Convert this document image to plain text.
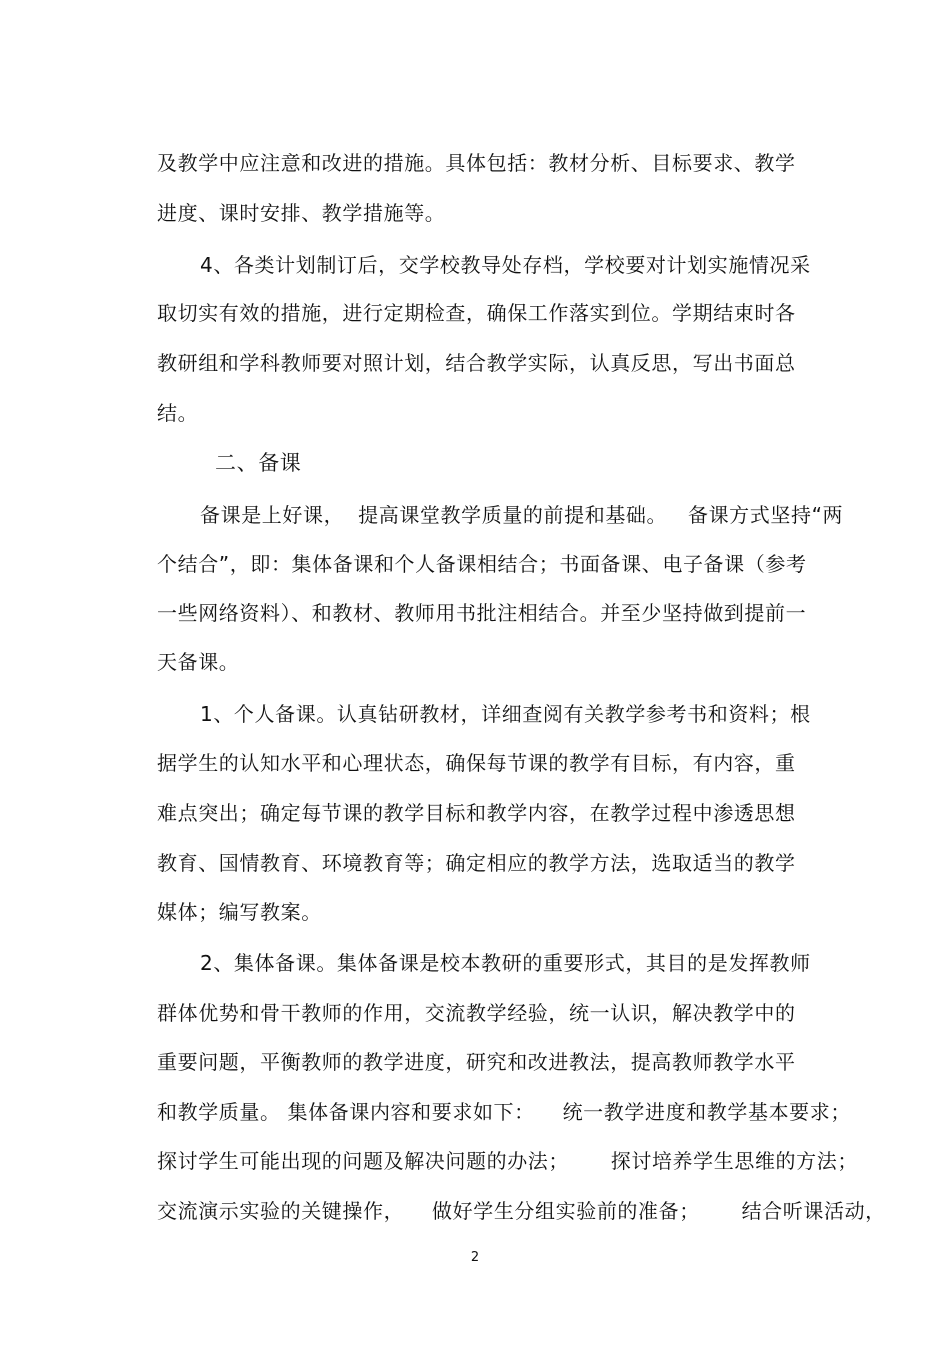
及教学中应注意和改进的措施。具体包括：教材分析、目标要求、教学
进度、课时安排、教学措施等。
4、各类计划制订后，交学校教导处存档，学校要对计划实施情况采
取切实有效的措施，进行定期检查，确保工作落实到位。学期结束时各
教研组和学科教师要对照计划，结合教学实际，认真反思，写出书面总
结。
二、备课
备课是上好课，  提高课堂教学质量的前提和基础。   备课方式坚持“两
个结合”，即：集体备课和个人备课相结合；书面备课、电子备课（参考
一些网络资料）、和教材、教师用书批注相结合。并至少坚持做到提前一
天备课。
1、个人备课。认真钻研教材，详细查阅有关教学参考书和资料；根
据学生的认知水平和心理状态，确保每节课的教学有目标，有内容，重
难点突出；确定每节课的教学目标和教学内容，在教学过程中渗透思想
教育、国情教育、环境教育等；确定相应的教学方法，选取适当的教学
媒体；编写教案。
2、集体备课。集体备课是校本教研的重要形式，其目的是发挥教师
群体优势和骨干教师的作用，交流教学经验，统一认识，解决教学中的
重要问题，平衡教师的教学进度，研究和改进教法，提高教师教学水平
和教学质量。 集体备课内容和要求如下：    统一教学进度和教学基本要求；
探讨学生可能出现的问题及解决问题的办法；      探讨培养学生思维的方法；
交流演示实验的关键操作，    做好学生分组实验前的准备；      结合听课活动，
2
